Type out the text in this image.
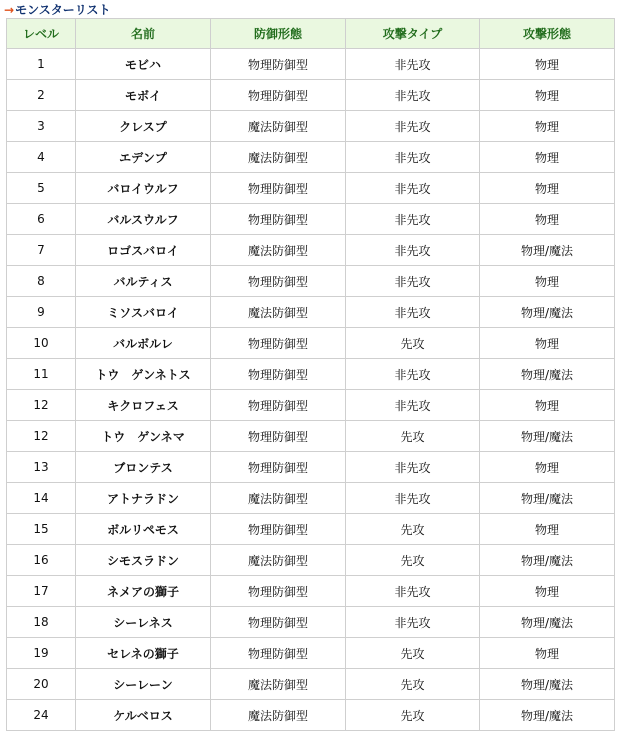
→モンスターリスト
レベル	名前	防御形態	攻撃タイプ	攻撃形態
1	モビハ	物理防御型	非先攻	物理
2	モボイ	物理防御型	非先攻	物理
3	クレスプ	魔法防御型	非先攻	物理
4	エデンプ	魔法防御型	非先攻	物理
5	バロイウルフ	物理防御型	非先攻	物理
6	バルスウルフ	物理防御型	非先攻	物理
7	ロゴスバロイ	魔法防御型	非先攻	物理/魔法
8	バルティス	物理防御型	非先攻	物理
9	ミソスバロイ	魔法防御型	非先攻	物理/魔法
10	バルボルレ	物理防御型	先攻	物理
11	トウ　ゲンネトス	物理防御型	非先攻	物理/魔法
12	キクロフェス	物理防御型	非先攻	物理
12	トウ　ゲンネマ	物理防御型	先攻	物理/魔法
13	ブロンテス	物理防御型	非先攻	物理
14	アトナラドン	魔法防御型	非先攻	物理/魔法
15	ボルリペモス	物理防御型	先攻	物理
16	シモスラドン	魔法防御型	先攻	物理/魔法
17	ネメアの獅子	物理防御型	非先攻	物理
18	シーレネス	物理防御型	非先攻	物理/魔法
19	セレネの獅子	物理防御型	先攻	物理
20	シーレーン	魔法防御型	先攻	物理/魔法
24	ケルベロス	魔法防御型	先攻	物理/魔法
